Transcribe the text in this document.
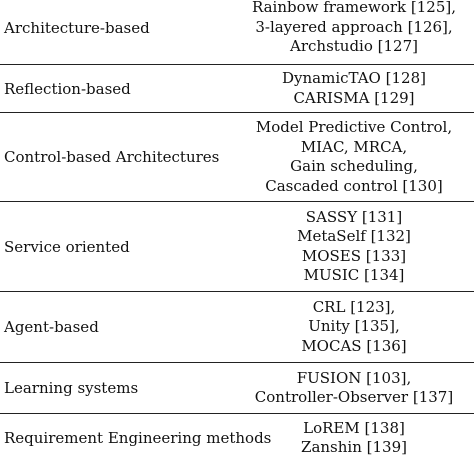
Architecture-based
Rainbow framework [125],
3-layered approach [126],
Archstudio [127]
Reflection-based
DynamicTAO [128]
CARISMA [129]
Control-based Architectures
Model Predictive Control,
MIAC, MRCA,
Gain scheduling,
Cascaded control [130]
Service oriented
SASSY [131]
MetaSelf [132]
MOSES [133]
MUSIC [134]
Agent-based
CRL [123],
Unity [135],
MOCAS [136]
Learning systems
FUSION [103],
Controller-Observer [137]
Requirement Engineering methods
LoREM [138]
Zanshin [139]
